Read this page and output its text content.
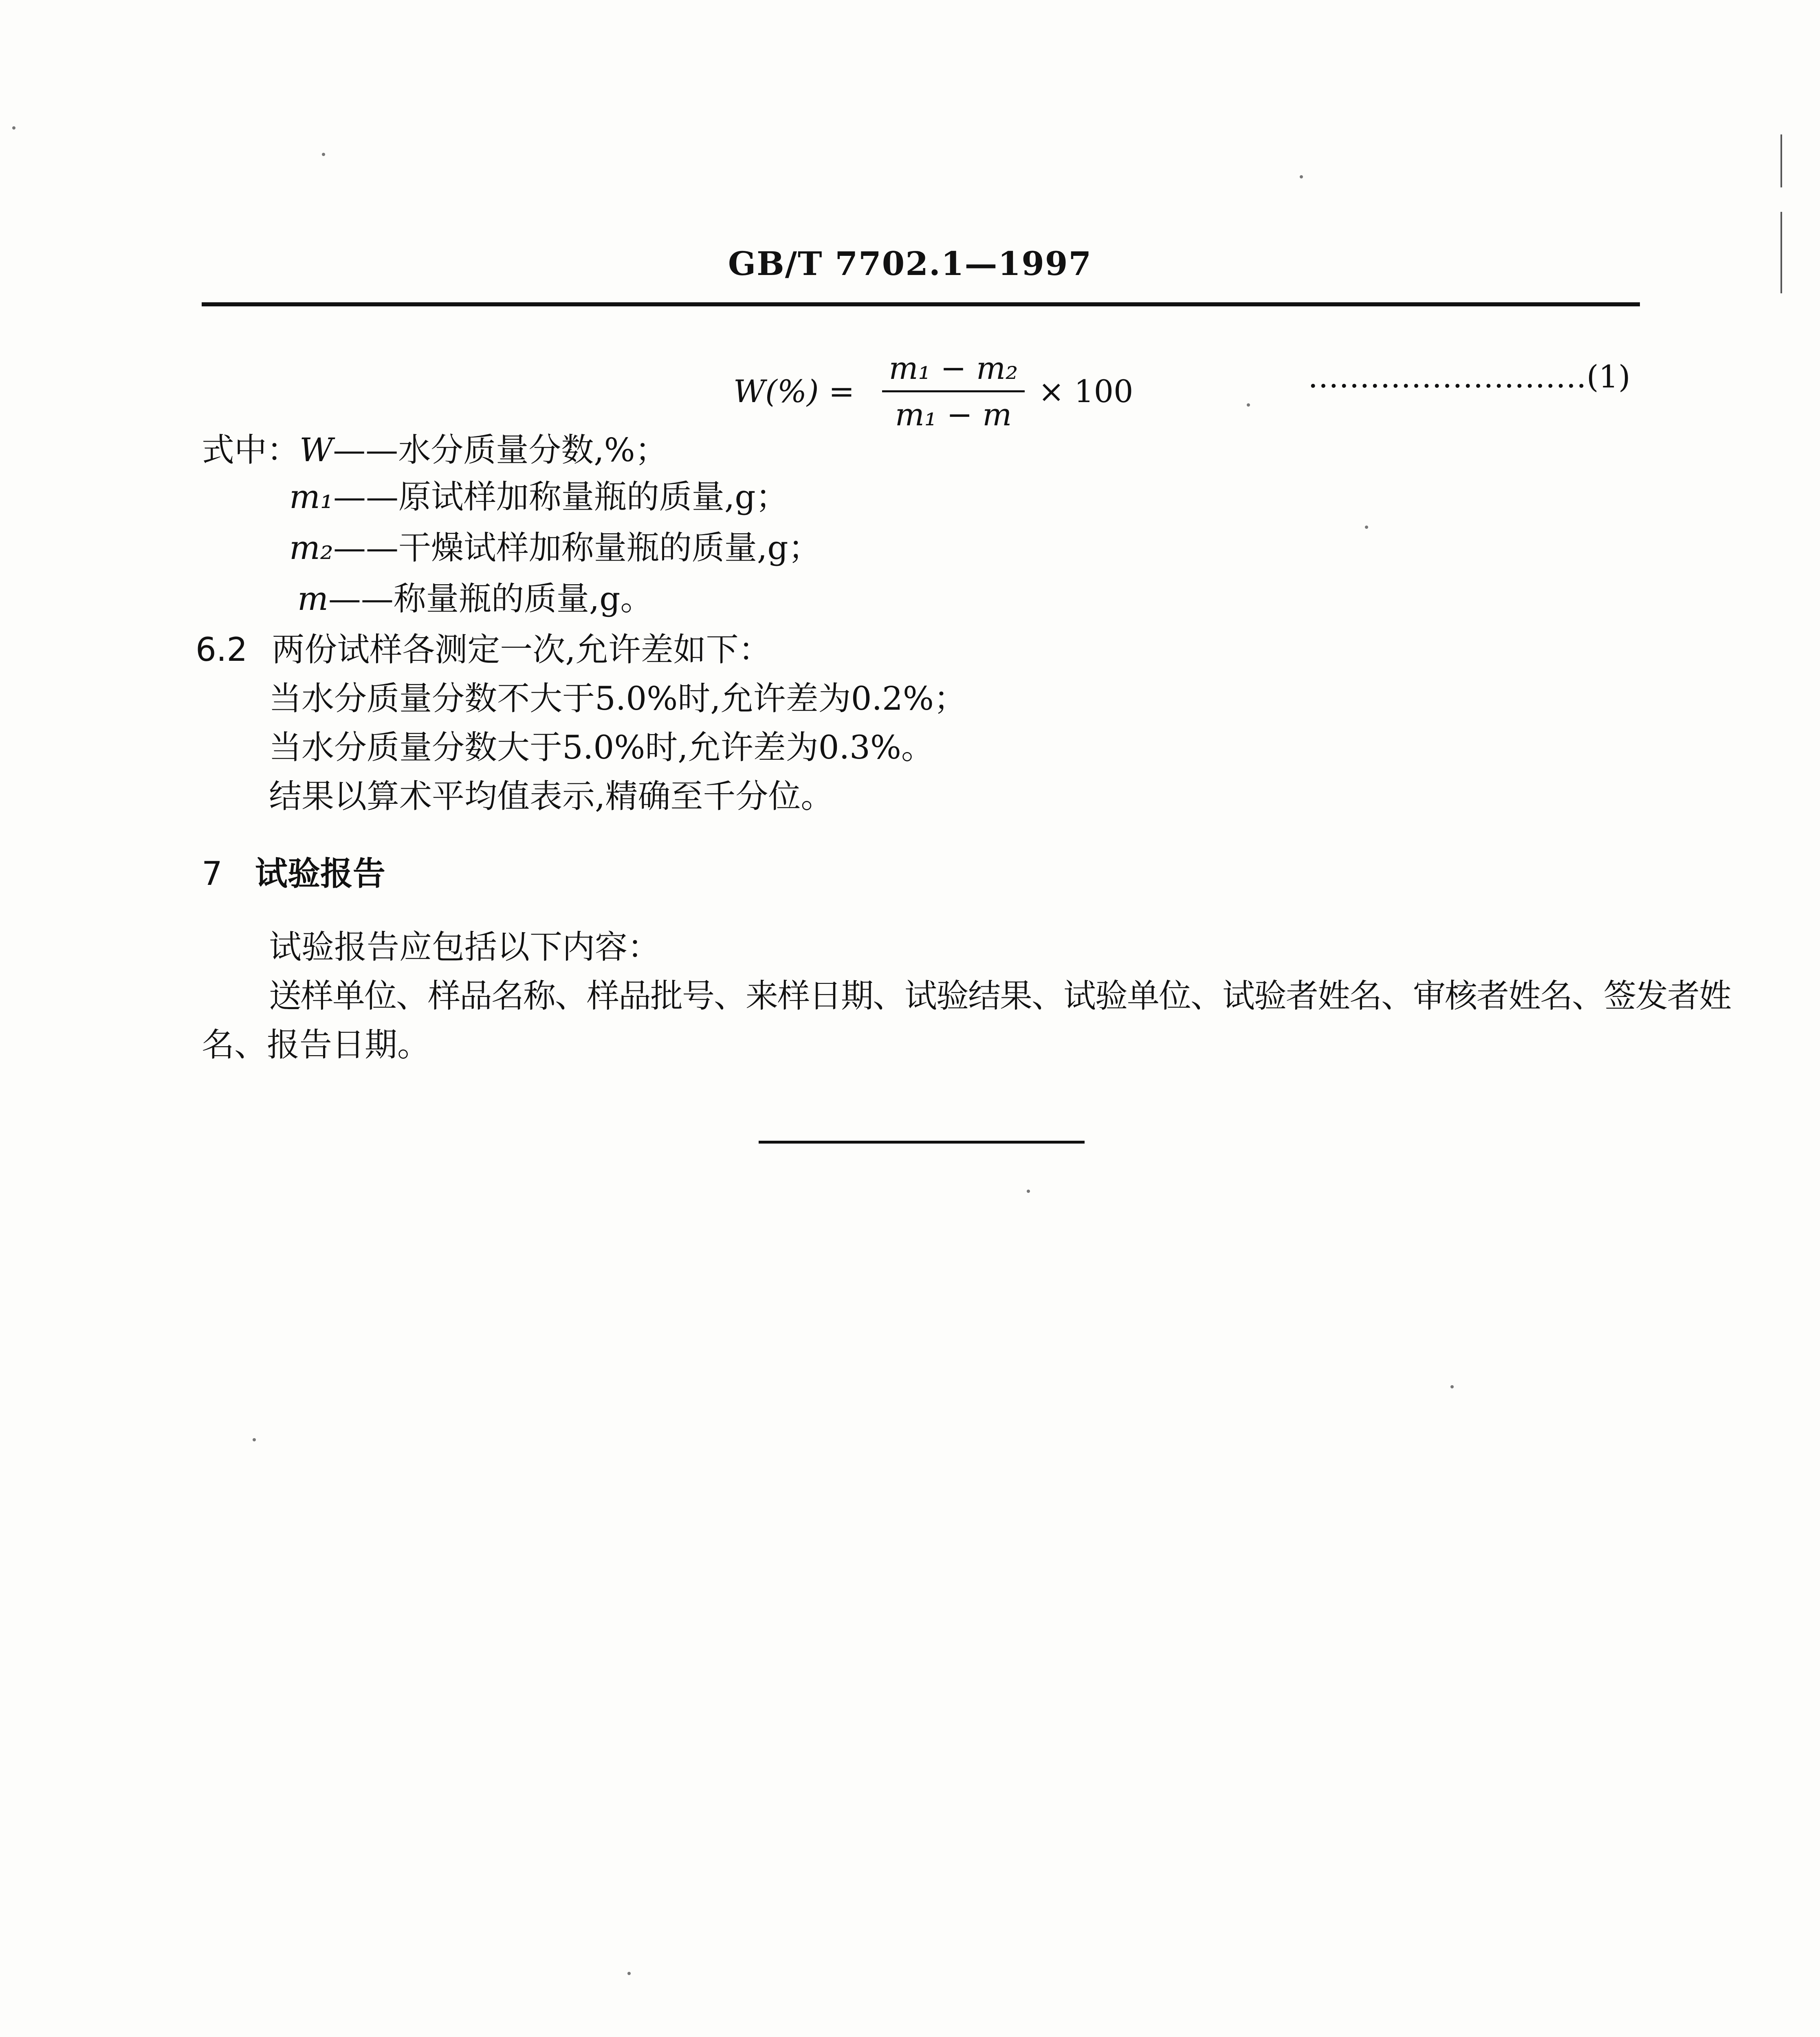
GB/T 7702.1—1997
W(%) =
m₁ − m₂
m₁ − m
× 100	………………………(1)
式中：W——水分质量分数,%；
m₁——原试样加称量瓶的质量,g；
m₂——干燥试样加称量瓶的质量,g；
m——称量瓶的质量,g。
6.2 两份试样各测定一次,允许差如下：
当水分质量分数不大于5.0%时,允许差为0.2%；
当水分质量分数大于5.0%时,允许差为0.3%。
结果以算术平均值表示,精确至千分位。
7 试验报告
试验报告应包括以下内容：
送样单位、样品名称、样品批号、来样日期、试验结果、试验单位、试验者姓名、审核者姓名、签发者姓
名、报告日期。
